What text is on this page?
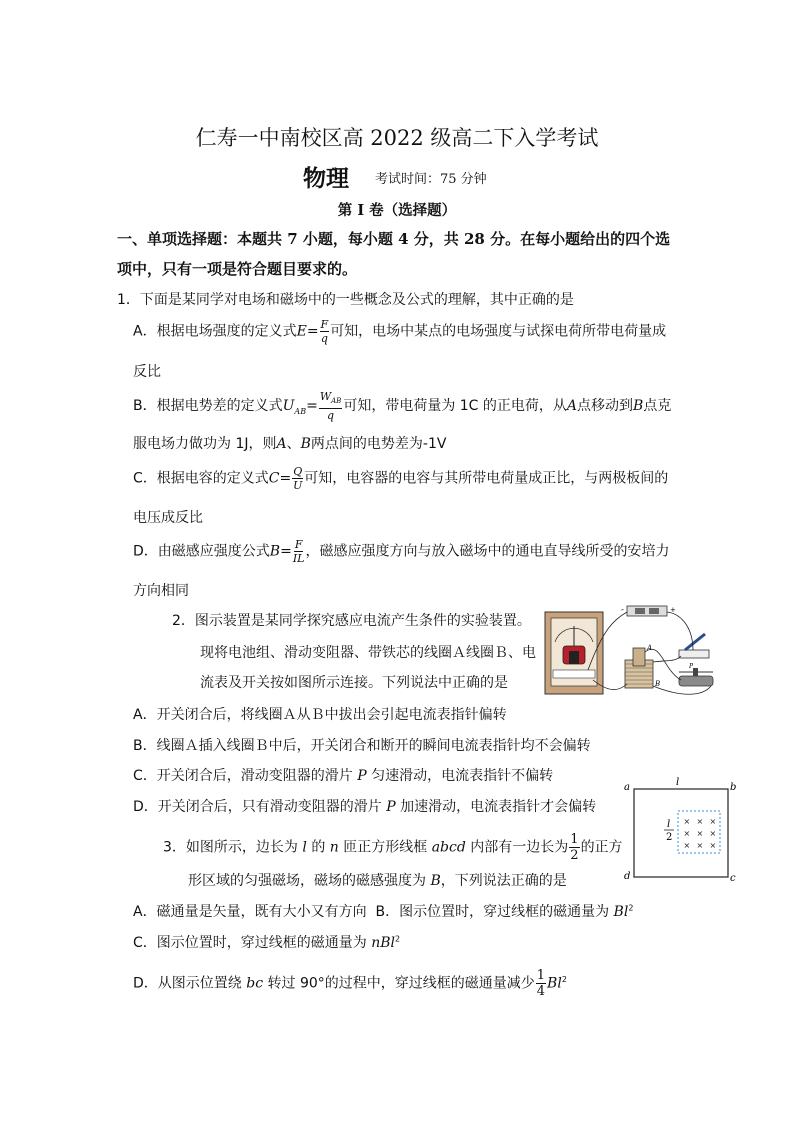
仁寿一中南校区高 2022 级高二下入学考试
物理 考试时间：75 分钟
第 I 卷（选择题）
一、单项选择题：本题共 7 小题，每小题 4 分，共 28 分。在每小题给出的四个选
项中，只有一项是符合题目要求的。
1．下面是某同学对电场和磁场中的一些概念及公式的理解，其中正确的是
A．根据电场强度的定义式$E= \frac{F}{q}$ 可知，电场中某点的电场强度与试探电荷所带电荷量成
反比
B．根据电势差的定义式$U_{AB}= \frac{W_{AB}}{q}$ 可知，带电荷量为 1C 的正电荷，从A点移动到B点克
服电场力做功为 1J，则A、B两点间的电势差为-1V
C．根据电容的定义式$C= \frac{Q}{U}$ 可知，电容器的电容与其所带电荷量成正比，与两极板间的
电压成反比
D．由磁感应强度公式$B= \frac{F}{IL}$ ，磁感应强度方向与放入磁场中的通电直导线所受的安培力
方向相同
2．图示装置是某同学探究感应电流产生条件的实验装置。
现将电池组、滑动变阻器、带铁芯的线圈Ａ线圈Ｂ、电
流表及开关按如图所示连接。下列说法中正确的是
A
B
-	+
P
A．开关闭合后，将线圈Ａ从Ｂ中拔出会引起电流表指针偏转
B．线圈Ａ插入线圈Ｂ中后，开关闭合和断开的瞬间电流表指针均不会偏转
C．开关闭合后，滑动变阻器的滑片 P 匀速滑动，电流表指针不偏转
D．开关闭合后，只有滑动变阻器的滑片 P 加速滑动，电流表指针才会偏转
× × ×
× × ×
× × ×
a	b
c
d
l
l
2
3．如图所示，边长为 l 的 n 匝正方形线框 abcd 内部有一边长为 $\frac{1}{2}$ 的正方
形区域的匀强磁场，磁场的磁感强度为 B，下列说法正确的是
A．磁通量是矢量，既有大小又有方向 B．图示位置时，穿过线框的磁通量为 Bl$^2$
C．图示位置时，穿过线框的磁通量为 nBl$^2$
D．从图示位置绕 bc 转过 90°的过程中，穿过线框的磁通量减少 $\frac{1}{4} Bl^2$
